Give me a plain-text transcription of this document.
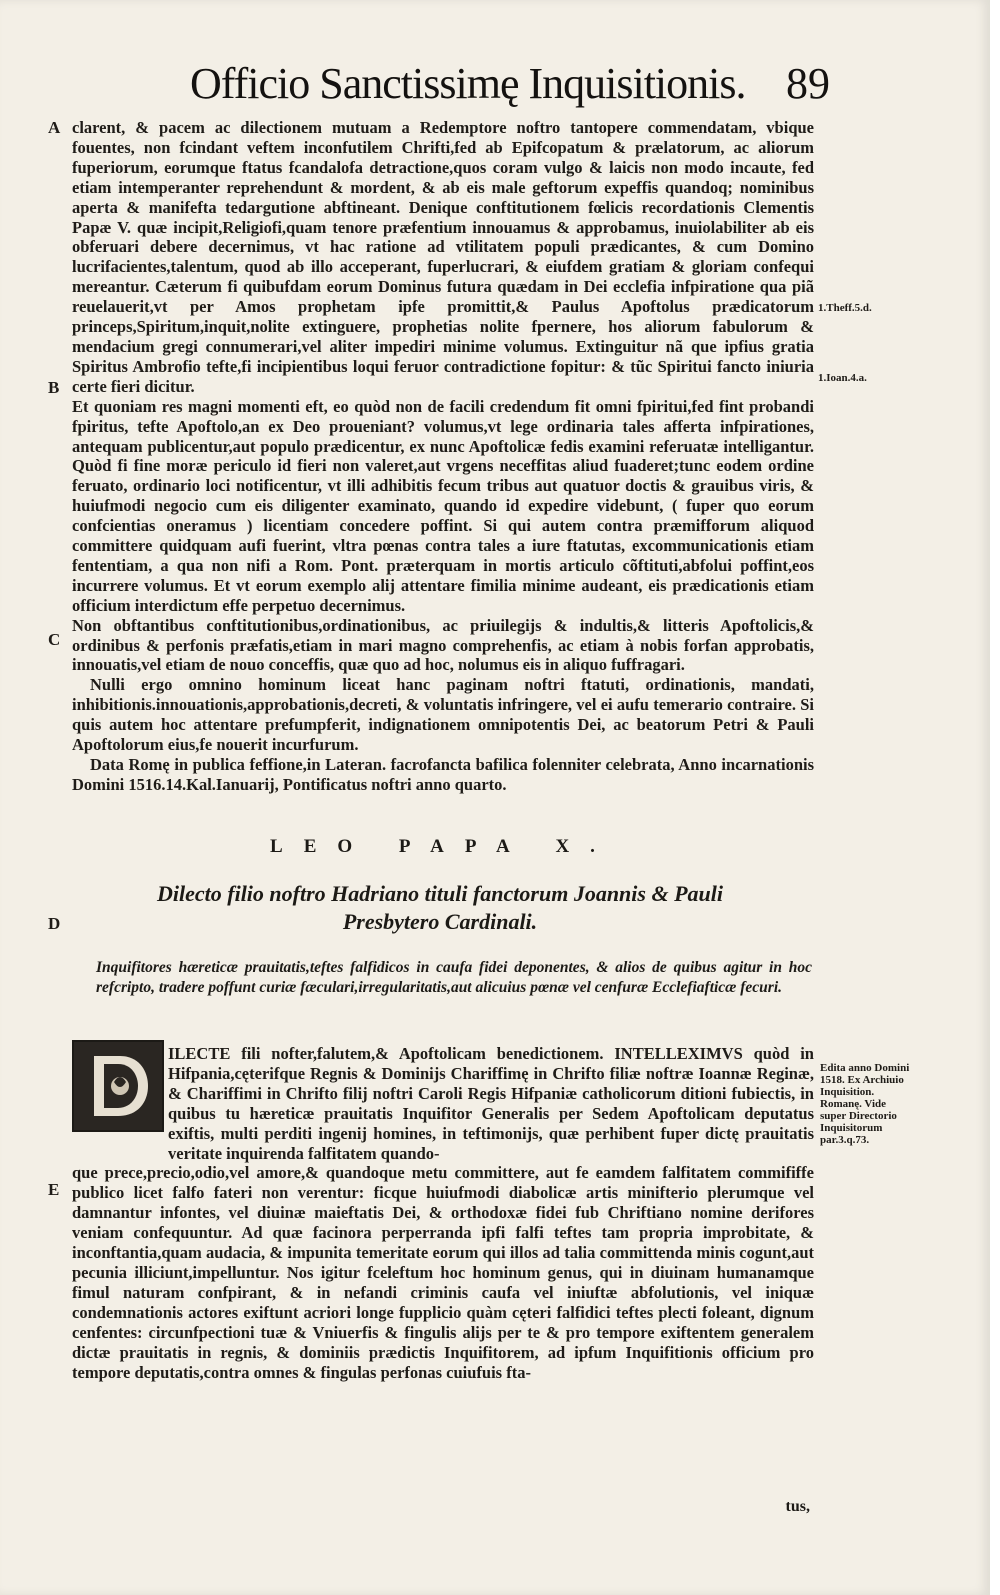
Officio Sanctissimę Inquisitionis. 89
A
B
C
D
E
1.Theff.5.d.
1.Ioan.4.a.
Edita anno Domini 1518. Ex Archiuio Inquisition. Romanę. Vide super Directorio Inquisitorum par.3.q.73.

clarent, & pacem ac dilectionem mutuam a Redemptore noftro tantopere commendatam, vbique fouentes, non fcindant veftem inconfutilem Chrifti,fed ab Epifcopatum & prælatorum, ac aliorum fuperiorum, eorumque ftatus fcandalofa detractione,quos coram vulgo & laicis non modo incaute, fed etiam intemperanter reprehendunt & mordent, & ab eis male geftorum expeffis quandoq; nominibus aperta & manifefta tedargutione abftineant. Denique conftitutionem fœlicis recordationis Clementis Papæ V. quæ incipit,Religiofi,quam tenore præfentium innouamus & approbamus, inuiolabiliter ab eis obferuari debere decernimus, vt hac ratione ad vtilitatem populi prædicantes, & cum Domino lucrifacientes,talentum, quod ab illo acceperant, fuperlucrari, & eiufdem gratiam & gloriam confequi mereantur. Cæterum fi quibufdam eorum Dominus futura quædam in Dei ecclefia infpiratione qua piã reuelauerit,vt per Amos prophetam ipfe promittit,& Paulus Apoftolus prædicatorum princeps,Spiritum,inquit,nolite extinguere, prophetias nolite fpernere, hos aliorum fabulorum & mendacium gregi connumerari,vel aliter impediri minime volumus. Extinguitur nã que ipfius gratia Spiritus Ambrofio tefte,fi incipientibus loqui feruor contradictione fopitur: & tũc Spiritui fancto iniuria certe fieri dicitur.

Et quoniam res magni momenti eft, eo quòd non de facili credendum fit omni fpiritui,fed fint probandi fpiritus, tefte Apoftolo,an ex Deo proueniant? volumus,vt lege ordinaria tales afferta infpirationes, antequam publicentur,aut populo prædicentur, ex nunc Apoftolicæ fedis examini referuatæ intelligantur. Quòd fi fine moræ periculo id fieri non valeret,aut vrgens neceffitas aliud fuaderet;tunc eodem ordine feruato, ordinario loci notificentur, vt illi adhibitis fecum tribus aut quatuor doctis & grauibus viris, & huiufmodi negocio cum eis diligenter examinato, quando id expedire videbunt, ( fuper quo eorum confcientias oneramus ) licentiam concedere poffint. Si qui autem contra præmifforum aliquod committere quidquam aufi fuerint, vltra pœnas contra tales a iure ftatutas, excommunicationis etiam fententiam, a qua non nifi a Rom. Pont. præterquam in mortis articulo cõftituti,abfolui poffint,eos incurrere volumus. Et vt eorum exemplo alij attentare fimilia minime audeant, eis prædicationis etiam officium interdictum effe perpetuo decernimus.

Non obftantibus conftitutionibus,ordinationibus, ac priuilegijs & indultis,& litteris Apoftolicis,& ordinibus & perfonis præfatis,etiam in mari magno comprehenfis, ac etiam à nobis forfan approbatis, innouatis,vel etiam de nouo conceffis, quæ quo ad hoc, nolumus eis in aliquo fuffragari.

Nulli ergo omnino hominum liceat hanc paginam noftri ftatuti, ordinationis, mandati, inhibitionis.innouationis,approbationis,decreti, & voluntatis infringere, vel ei aufu temerario contraire. Si quis autem hoc attentare prefumpferit, indignationem omnipotentis Dei, ac beatorum Petri & Pauli Apoftolorum eius,fe nouerit incurfurum.

Data Romę in publica feffione,in Lateran. facrofancta bafilica folenniter celebrata, Anno incarnationis Domini 1516.14.Kal.Ianuarij, Pontificatus noftri anno quarto.

LEO PAPA X.
Dilecto filio noftro Hadriano tituli fanctorum Joannis & Pauli Presbytero Cardinali.
Inquifitores hæreticæ prauitatis,teftes falfidicos in caufa fidei deponentes, & alios de quibus agitur in hoc refcripto, tradere poffunt curiæ fæculari,irregularitatis,aut alicuius pœnæ vel cenfuræ Ecclefiafticæ fecuri.

ILECTE fili nofter,falutem,& Apoftolicam benedictionem. INTELLEXIMVS quòd in Hifpania,cęterifque Regnis & Dominijs Chariffimę in Chrifto filiæ noftræ Ioannæ Reginæ, & Chariffimi in Chrifto filij noftri Caroli Regis Hifpaniæ catholicorum ditioni fubiectis, in quibus tu hæreticæ prauitatis Inquifitor Generalis per Sedem Apoftolicam deputatus exiftis, multi perditi ingenij homines, in teftimonijs, quæ perhibent fuper dictę prauitatis veritate inquirenda falfitatem quando-

que prece,precio,odio,vel amore,& quandoque metu committere, aut fe eamdem falfitatem commififfe publico licet falfo fateri non verentur: ficque huiufmodi diabolicæ artis minifterio plerumque vel damnantur infontes, vel diuinæ maieftatis Dei, & orthodoxæ fidei fub Chriftiano nomine derifores veniam confequuntur. Ad quæ facinora perperranda ipfi falfi teftes tam propria improbitate, & inconftantia,quam audacia, & impunita temeritate eorum qui illos ad talia committenda minis cogunt,aut pecunia illiciunt,impelluntur. Nos igitur fceleftum hoc hominum genus, qui in diuinam humanamque fimul naturam confpirant, & in nefandi criminis caufa vel iniuftæ abfolutionis, vel iniquæ condemnationis actores exiftunt acriori longe fupplicio quàm cęteri falfidici teftes plecti foleant, dignum cenfentes: circunfpectioni tuæ & Vniuerfis & fingulis alijs per te & pro tempore exiftentem generalem dictæ prauitatis in regnis, & dominiis prædictis Inquifitorem, ad ipfum Inquifitionis officium pro tempore deputatis,contra omnes & fingulas perfonas cuiufuis fta-

tus,
